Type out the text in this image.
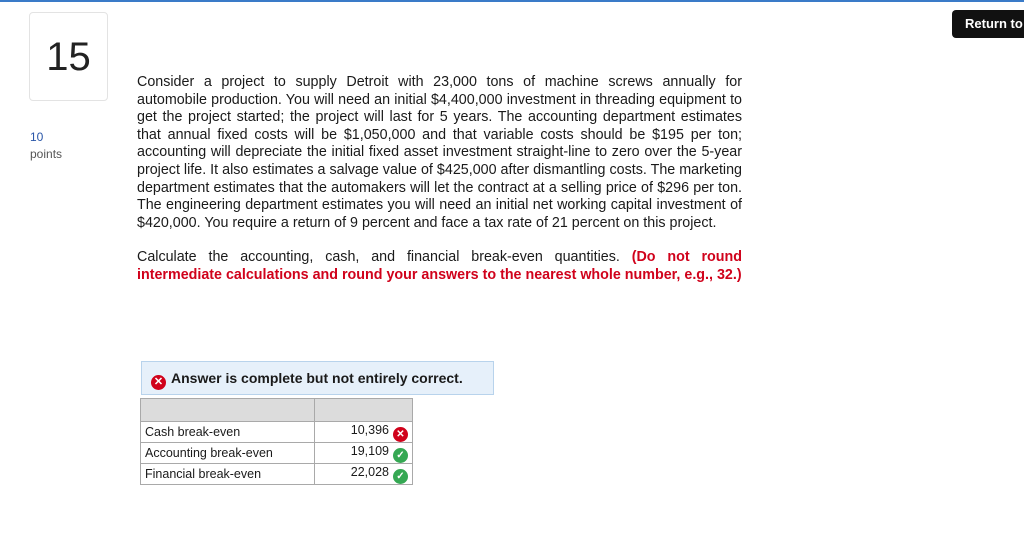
Return to
15
10
points

Consider a project to supply Detroit with 23,000 tons of machine screws annually for automobile production. You will need an initial $4,400,000 investment in threading equipment to get the project started; the project will last for 5 years. The accounting department estimates that annual fixed costs will be $1,050,000 and that variable costs should be $195 per ton; accounting will depreciate the initial fixed asset investment straight-line to zero over the 5-year project life. It also estimates a salvage value of $425,000 after dismantling costs. The marketing department estimates that the automakers will let the contract at a selling price of $296 per ton. The engineering department estimates you will need an initial net working capital investment of $420,000. You require a return of 9 percent and face a tax rate of 21 percent on this project.

Calculate the accounting, cash, and financial break-even quantities. (Do not round intermediate calculations and round your answers to the nearest whole number, e.g., 32.)

✕ Answer is complete but not entirely correct.

Cash break-even	10,396 ✕
Accounting break-even	19,109 ✓
Financial break-even	22,028 ✓
